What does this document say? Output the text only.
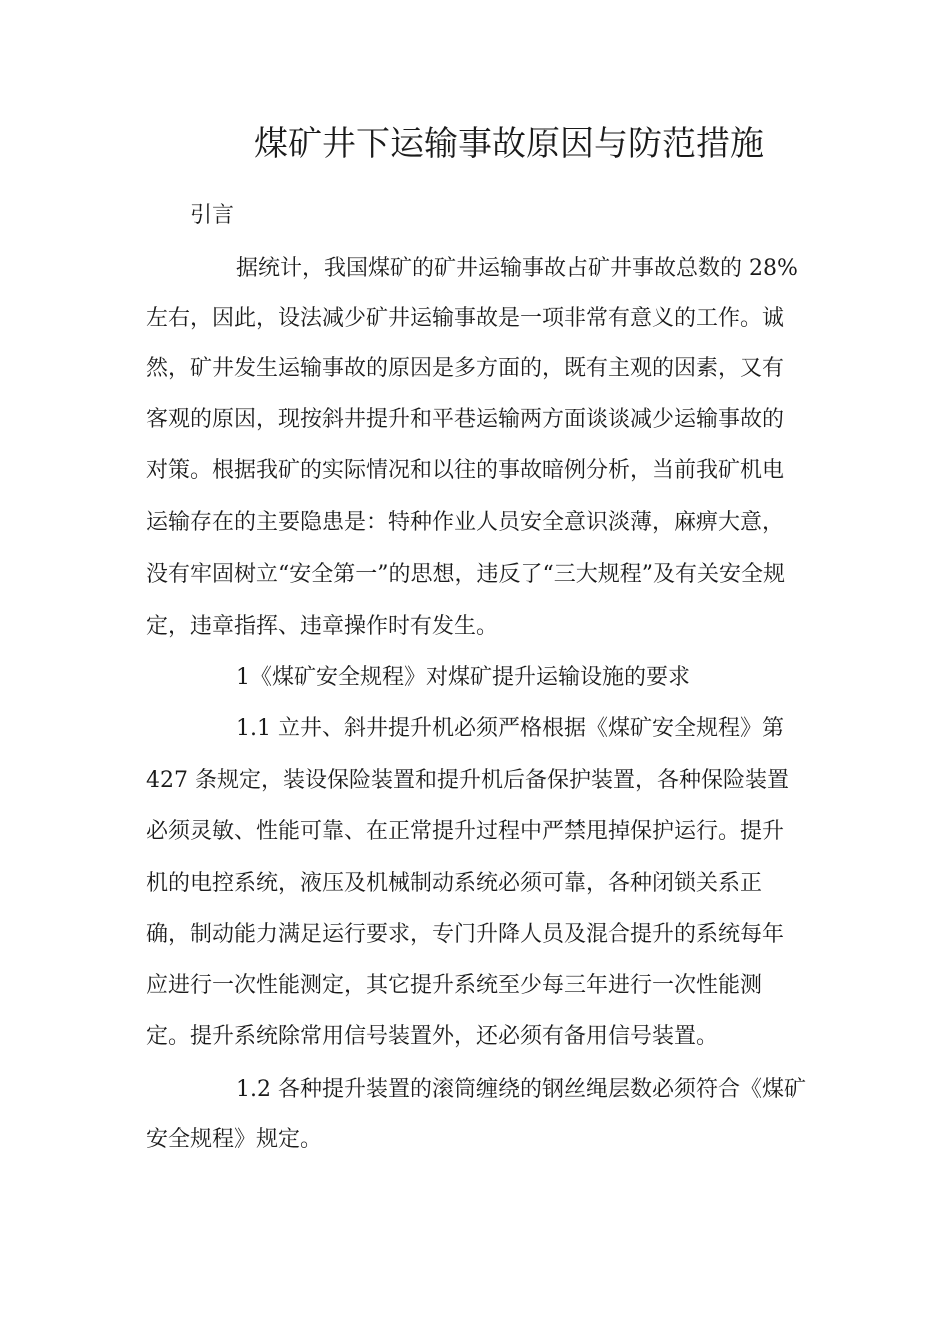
煤矿井下运输事故原因与防范措施

引言

据统计，我国煤矿的矿井运输事故占矿井事故总数的 28%

左右，因此，设法减少矿井运输事故是一项非常有意义的工作。诚

然，矿井发生运输事故的原因是多方面的，既有主观的因素，又有

客观的原因，现按斜井提升和平巷运输两方面谈谈减少运输事故的

对策。根据我矿的实际情况和以往的事故暗例分析，当前我矿机电

运输存在的主要隐患是：特种作业人员安全意识淡薄，麻痹大意，

没有牢固树立“安全第一”的思想，违反了“三大规程”及有关安全规

定，违章指挥、违章操作时有发生。

1《煤矿安全规程》对煤矿提升运输设施的要求

1.1 立井、斜井提升机必须严格根据《煤矿安全规程》第

427 条规定，装设保险装置和提升机后备保护装置，各种保险装置

必须灵敏、性能可靠、在正常提升过程中严禁甩掉保护运行。提升

机的电控系统，液压及机械制动系统必须可靠，各种闭锁关系正

确，制动能力满足运行要求，专门升降人员及混合提升的系统每年

应进行一次性能测定，其它提升系统至少每三年进行一次性能测

定。提升系统除常用信号装置外，还必须有备用信号装置。

1.2 各种提升装置的滚筒缠绕的钢丝绳层数必须符合《煤矿

安全规程》规定。
